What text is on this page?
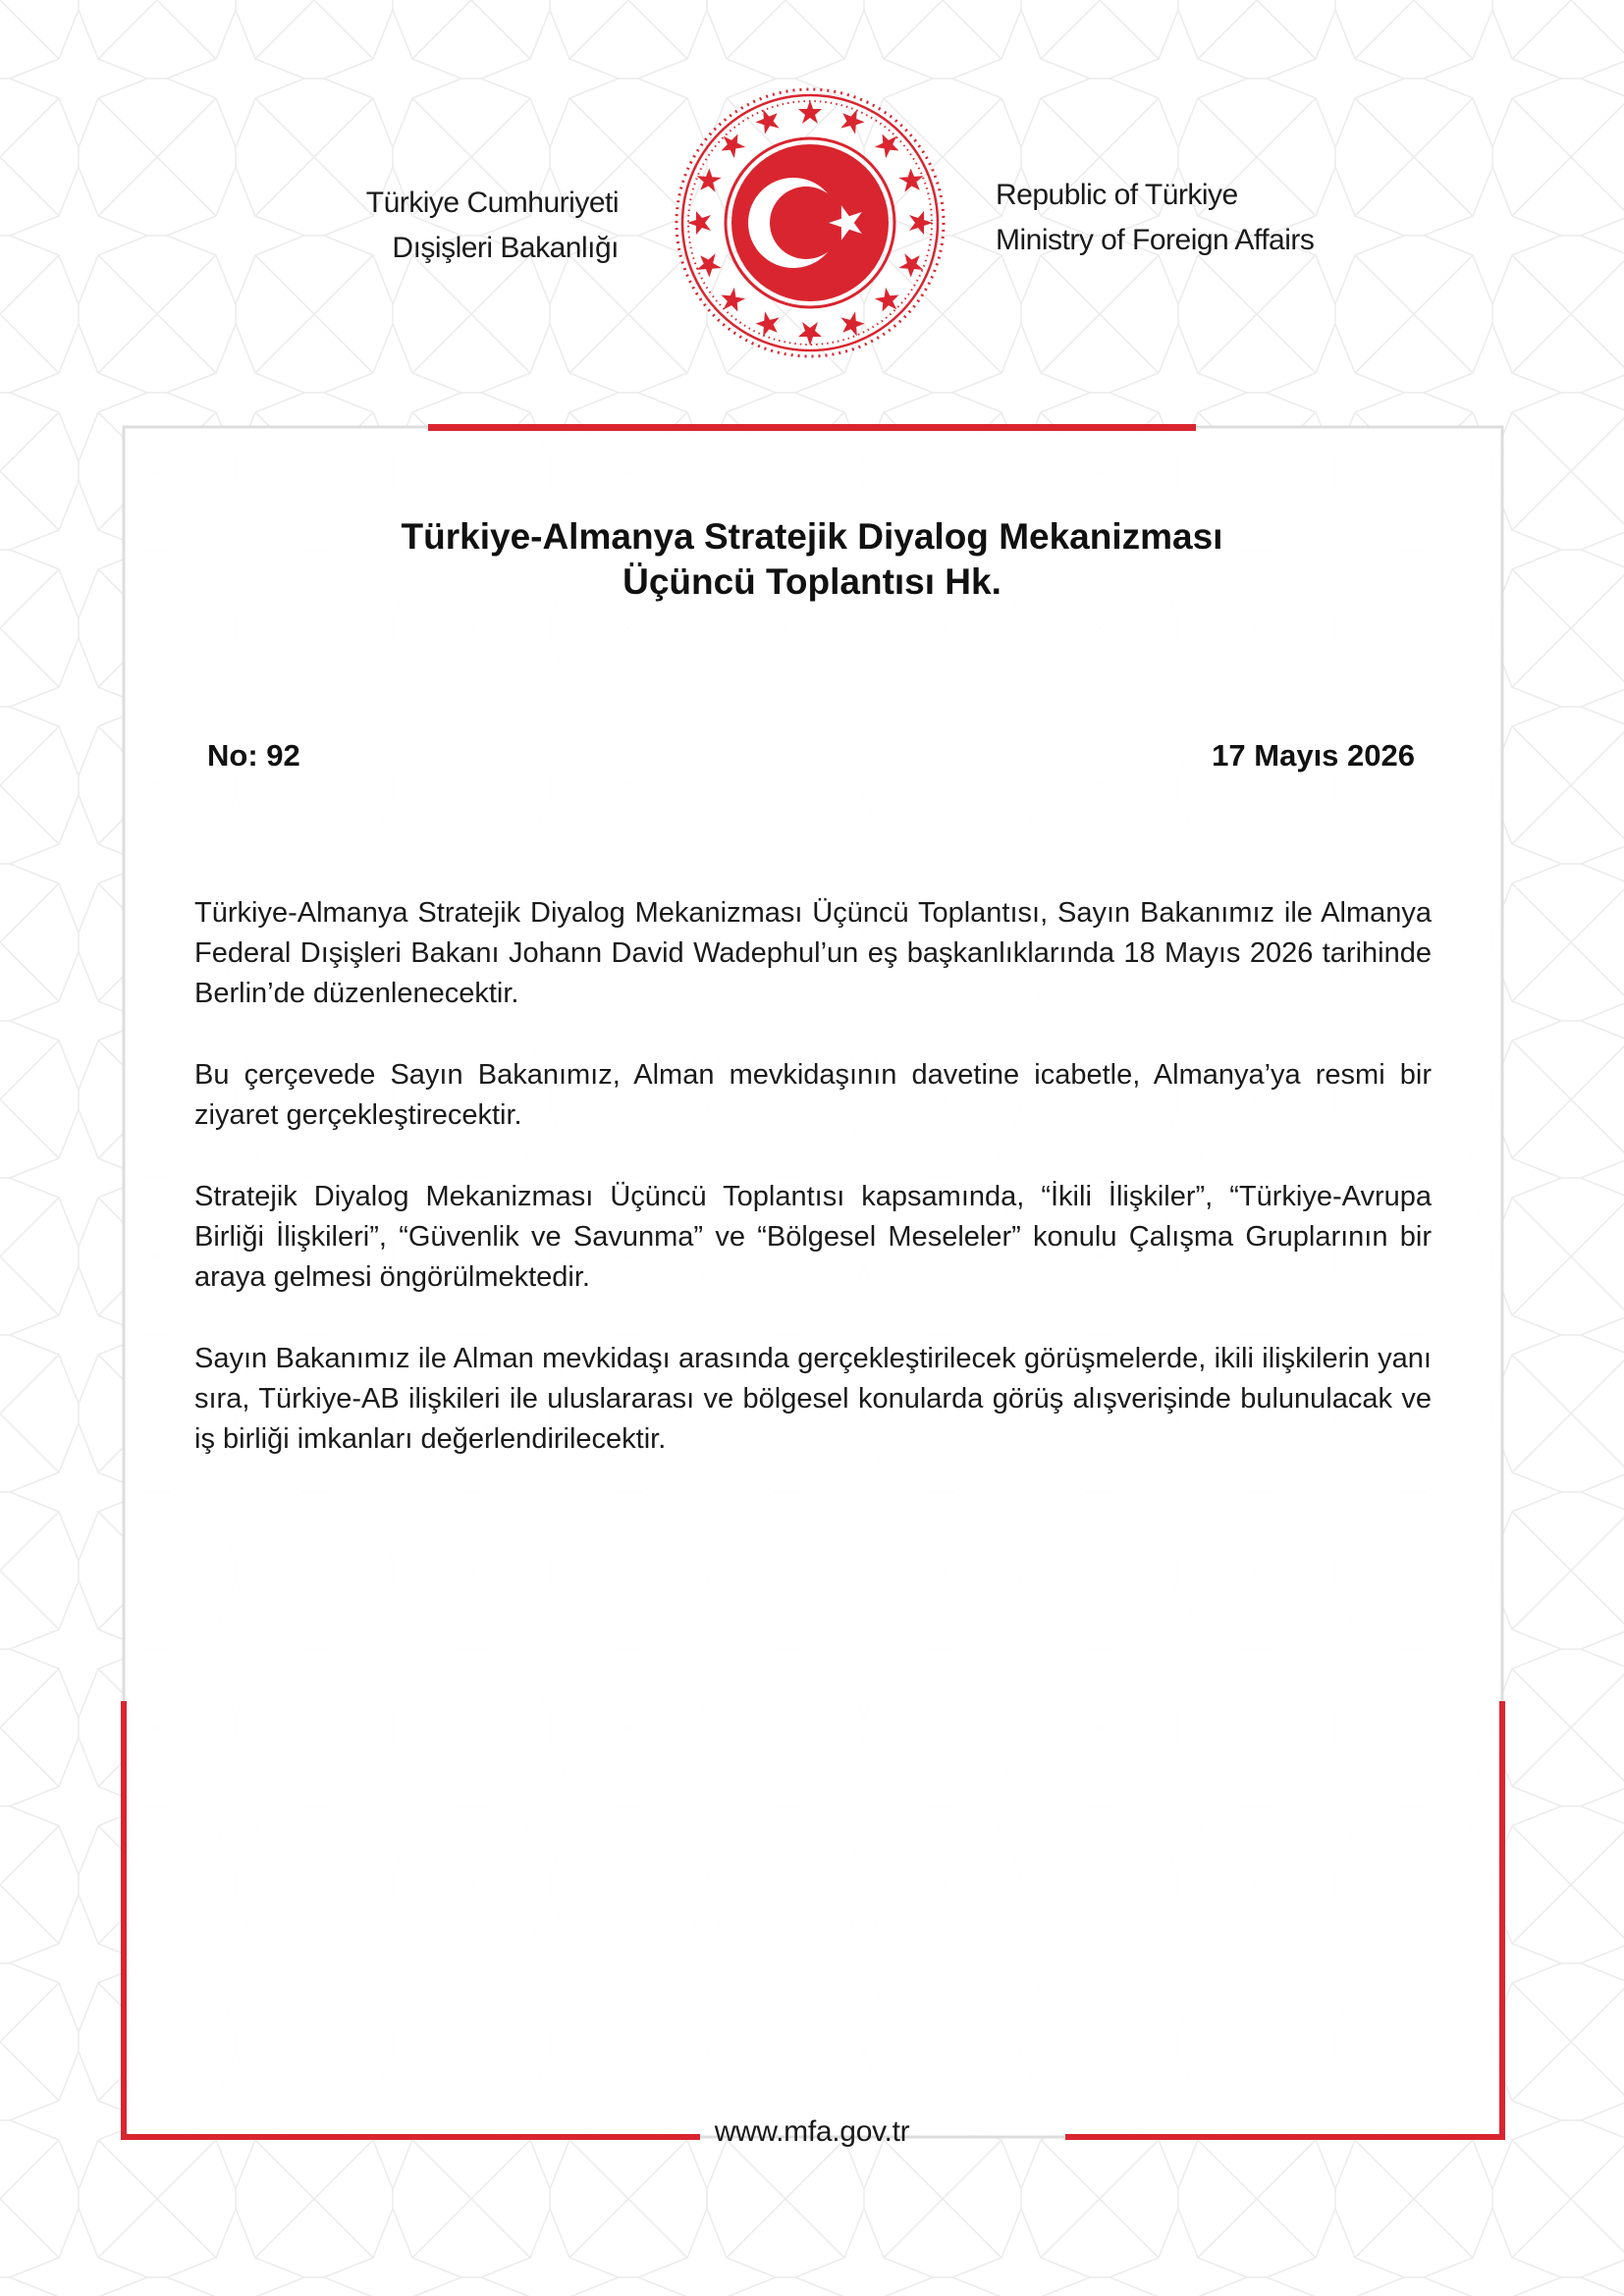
Türkiye Cumhuriyeti
Dışişleri Bakanlığı
Republic of Türkiye
Ministry of Foreign Affairs
Türkiye-Almanya Stratejik Diyalog Mekanizması
Üçüncü Toplantısı Hk.
No: 92	17 Mayıs 2026

Türkiye-Almanya Stratejik Diyalog Mekanizması Üçüncü Toplantısı, Sayın Bakanımız ile Almanya Federal Dışişleri Bakanı Johann David Wadephul’un eş başkanlıklarında 18 Mayıs 2026 tarihinde Berlin’de düzenlenecektir.

Bu çerçevede Sayın Bakanımız, Alman mevkidaşının davetine icabetle, Almanya’ya resmi bir ziyaret gerçekleştirecektir.

Stratejik Diyalog Mekanizması Üçüncü Toplantısı kapsamında, “İkili İlişkiler”, “Türkiye-Avrupa Birliği İlişkileri”, “Güvenlik ve Savunma” ve “Bölgesel Meseleler” konulu Çalışma Gruplarının bir araya gelmesi öngörülmektedir.

Sayın Bakanımız ile Alman mevkidaşı arasında gerçekleştirilecek görüşmelerde, ikili ilişkilerin yanı sıra, Türkiye-AB ilişkileri ile uluslararası ve bölgesel konularda görüş alışverişinde bulunulacak ve iş birliği imkanları değerlendirilecektir.

www.mfa.gov.tr
